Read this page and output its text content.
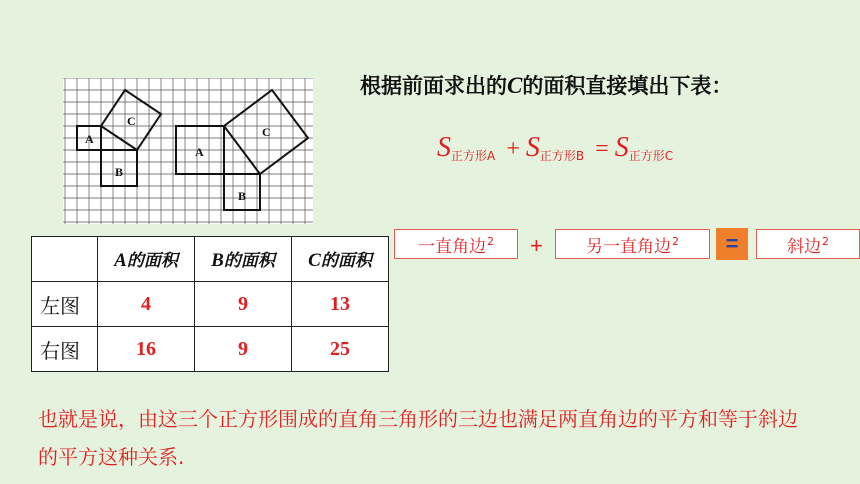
A
B
C
A
B
C
根据前面求出的C的面积直接填出下表：
$S_{正方形A} + S_{正方形B} = S_{正方形C}$
一直角边 2 +	另一直角边 2	=	斜边 2
	A的面积	B的面积	C的面积
左图	4	9	13
右图	16	9	25
也就是说，由这三个正方形围成的直角三角形的三边也满足两直角边的平方和等于斜边的平方这种关系.
